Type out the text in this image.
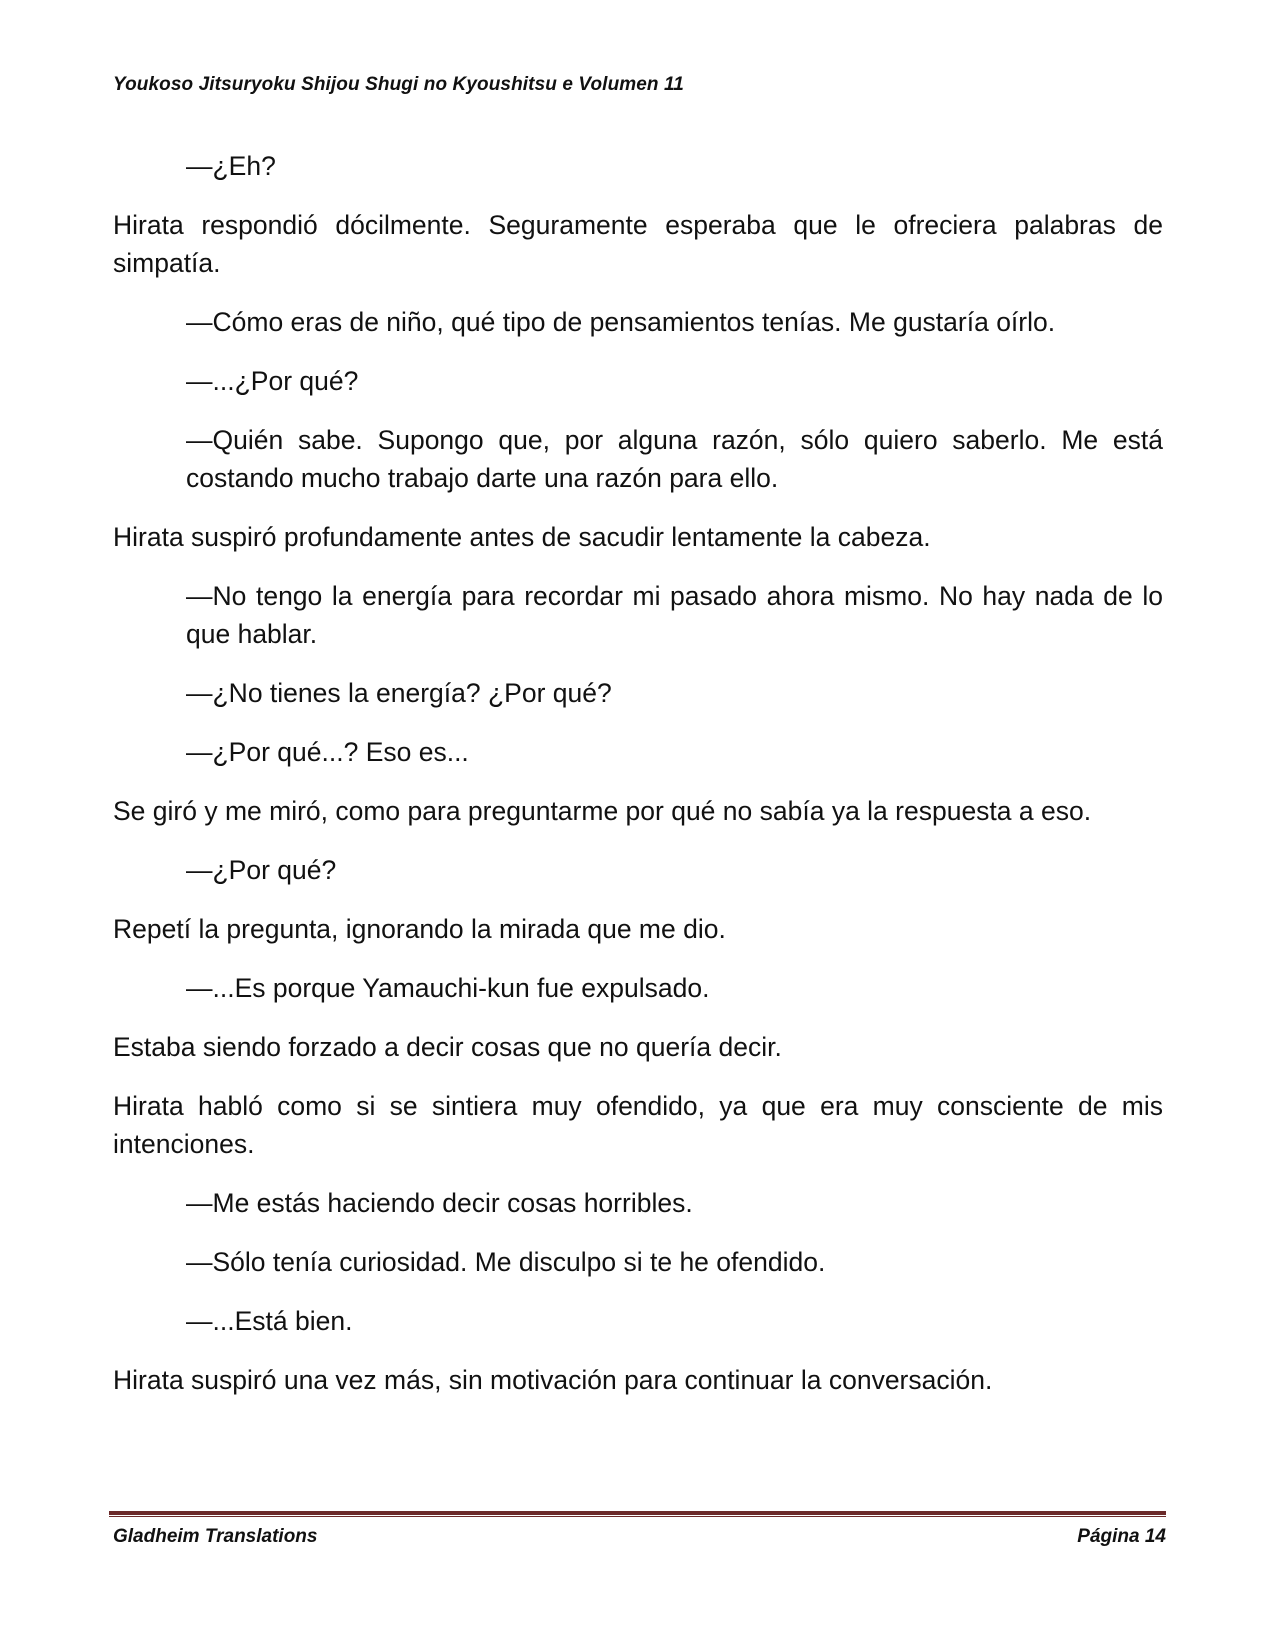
Youkoso Jitsuryoku Shijou Shugi no Kyoushitsu e Volumen 11

—¿Eh?

Hirata respondió dócilmente. Seguramente esperaba que le ofreciera palabras de simpatía.

—Cómo eras de niño, qué tipo de pensamientos tenías. Me gustaría oírlo.

—...¿Por qué?

—Quién sabe. Supongo que, por alguna razón, sólo quiero saberlo. Me está costando mucho trabajo darte una razón para ello.

Hirata suspiró profundamente antes de sacudir lentamente la cabeza.

—No tengo la energía para recordar mi pasado ahora mismo. No hay nada de lo que hablar.

—¿No tienes la energía? ¿Por qué?

—¿Por qué...? Eso es...

Se giró y me miró, como para preguntarme por qué no sabía ya la respuesta a eso.

—¿Por qué?

Repetí la pregunta, ignorando la mirada que me dio.

—...Es porque Yamauchi-kun fue expulsado.

Estaba siendo forzado a decir cosas que no quería decir.

Hirata habló como si se sintiera muy ofendido, ya que era muy consciente de mis intenciones.

—Me estás haciendo decir cosas horribles.

—Sólo tenía curiosidad. Me disculpo si te he ofendido.

—...Está bien.

Hirata suspiró una vez más, sin motivación para continuar la conversación.

Gladheim Translations	Página 14
